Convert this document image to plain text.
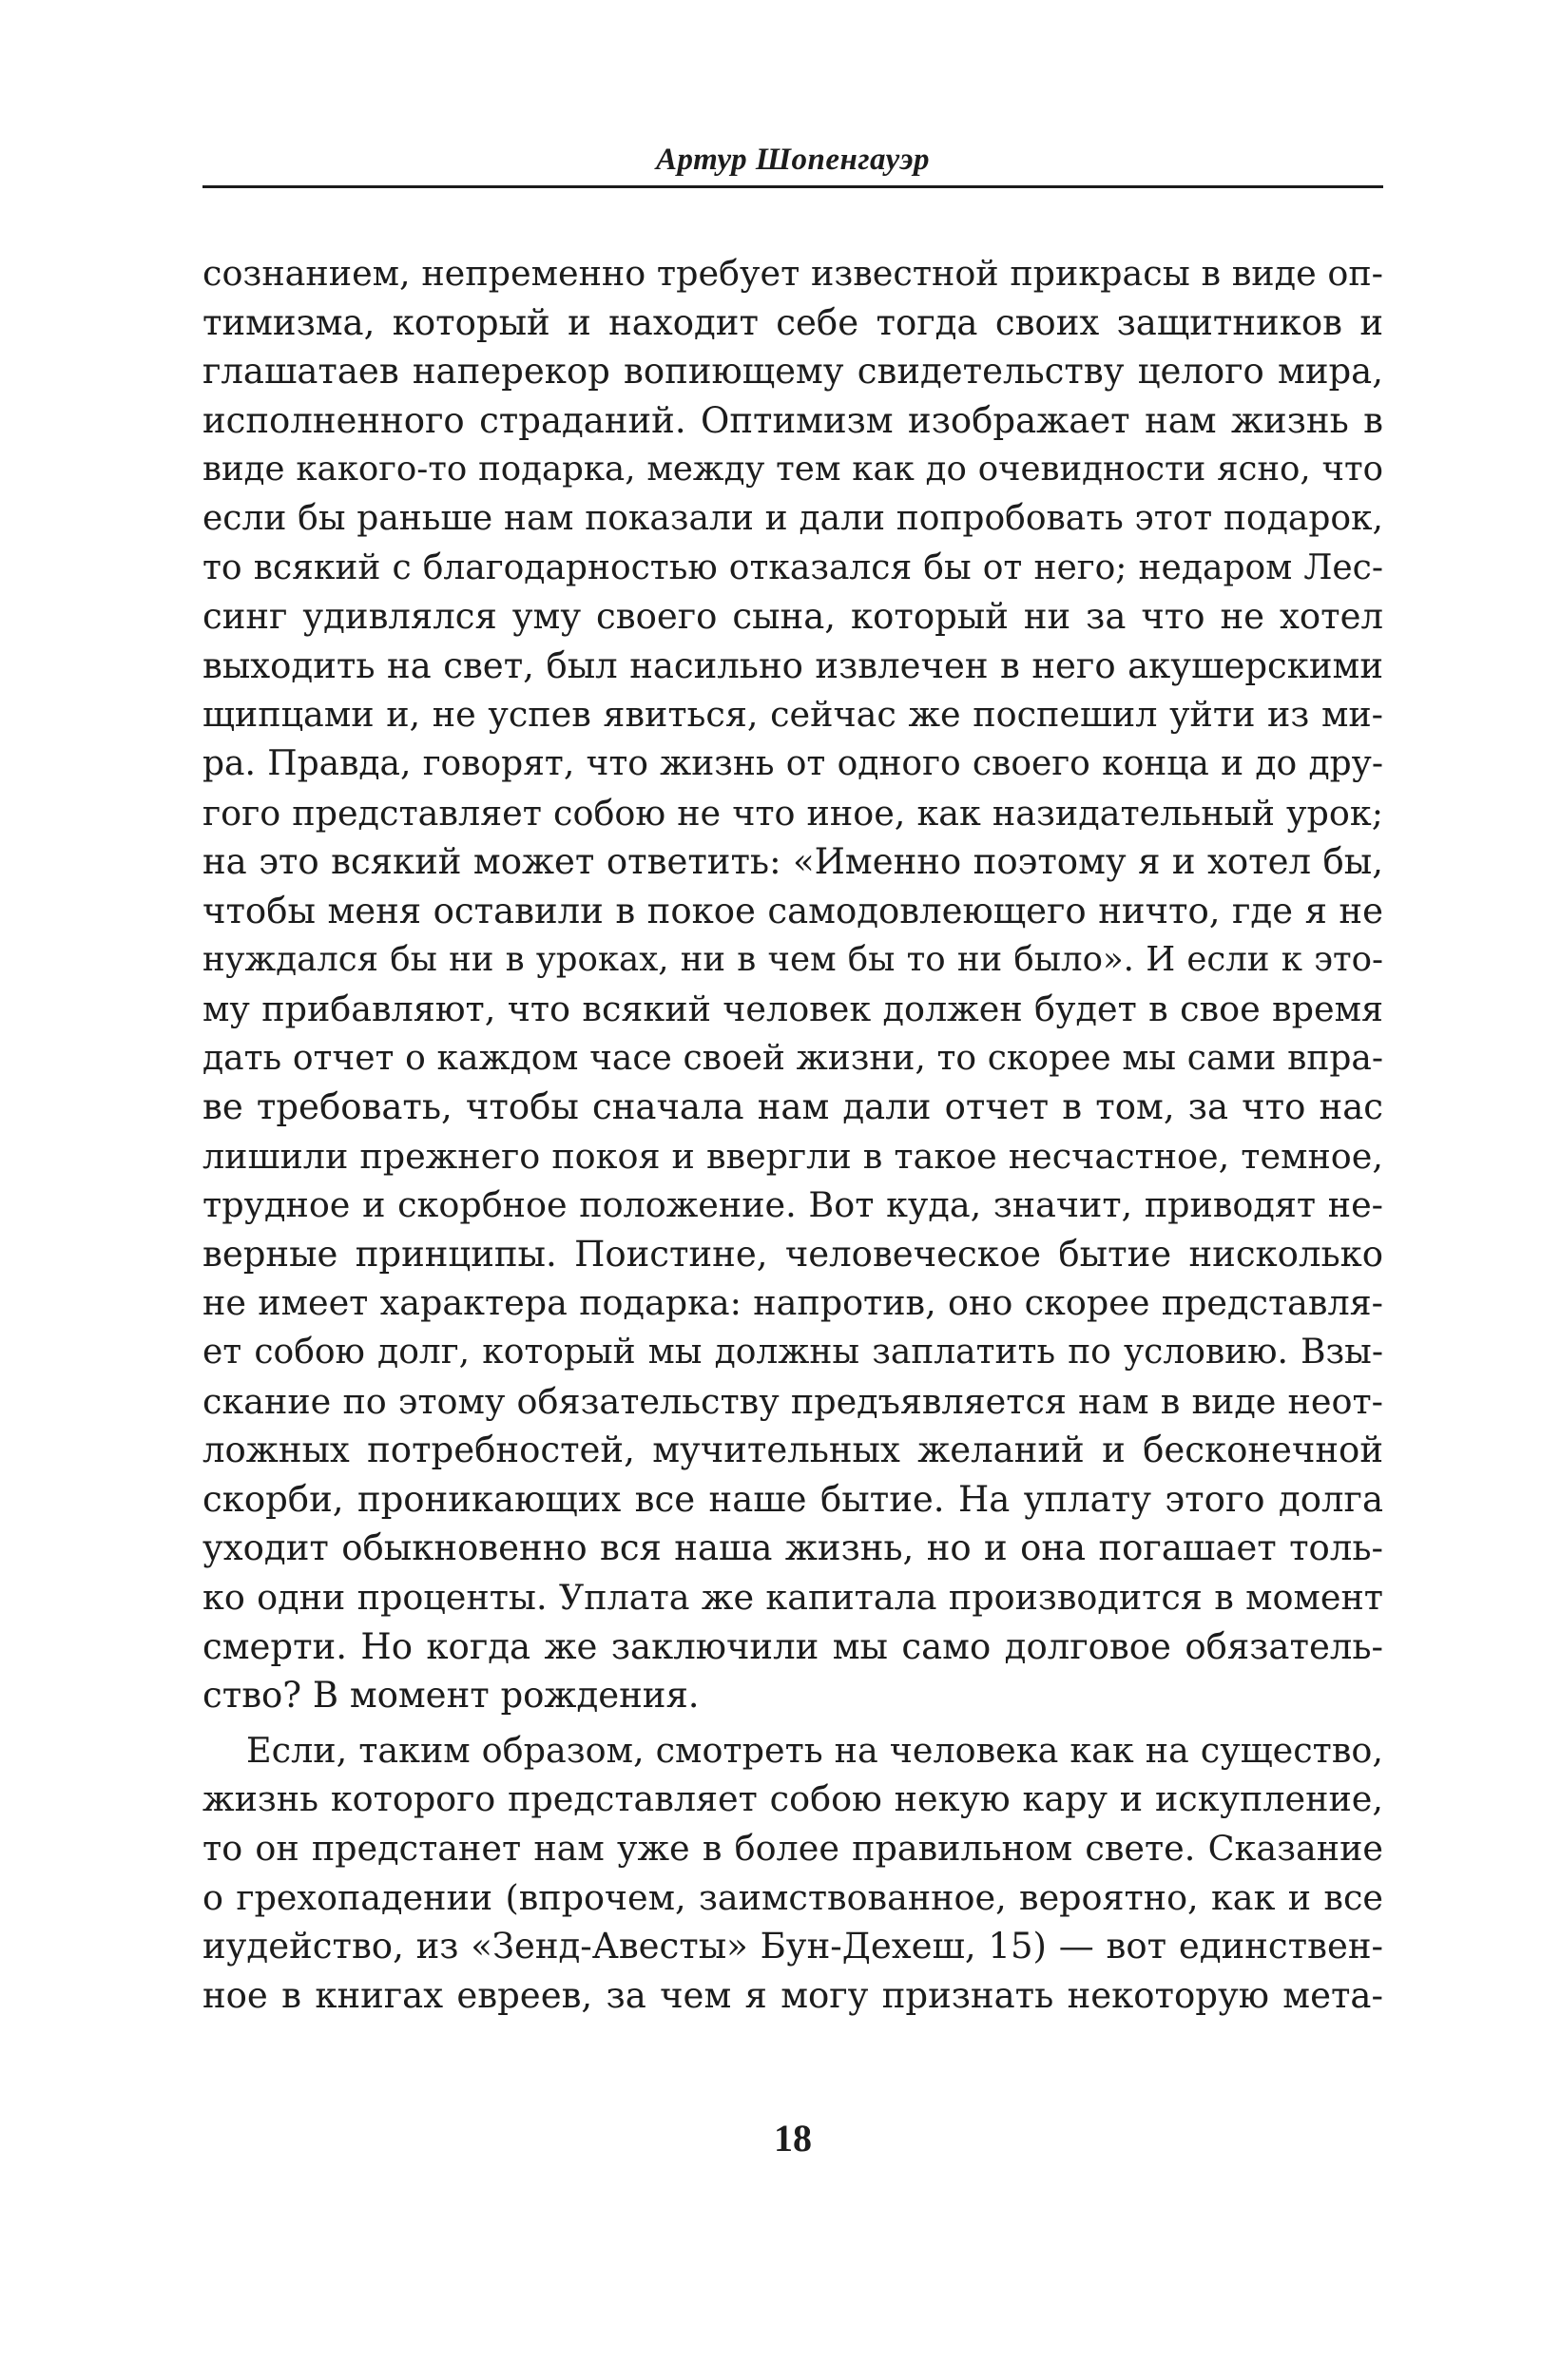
Артур Шопенгауэр
сознанием, непременно требует известной прикрасы в виде оп-
тимизма, который и находит себе тогда своих защитников и
глашатаев наперекор вопиющему свидетельству целого мира,
исполненного страданий. Оптимизм изображает нам жизнь в
виде какого-то подарка, между тем как до очевидности ясно, что
если бы раньше нам показали и дали попробовать этот подарок,
то всякий с благодарностью отказался бы от него; недаром Лес-
синг удивлялся уму своего сына, который ни за что не хотел
выходить на свет, был насильно извлечен в него акушерскими
щипцами и, не успев явиться, сейчас же поспешил уйти из ми-
ра. Правда, говорят, что жизнь от одного своего конца и до дру-
гого представляет собою не что иное, как назидательный урок;
на это всякий может ответить: «Именно поэтому я и хотел бы,
чтобы меня оставили в покое самодовлеющего ничто, где я не
нуждался бы ни в уроках, ни в чем бы то ни было». И если к это-
му прибавляют, что всякий человек должен будет в свое время
дать отчет о каждом часе своей жизни, то скорее мы сами впра-
ве требовать, чтобы сначала нам дали отчет в том, за что нас
лишили прежнего покоя и ввергли в такое несчастное, темное,
трудное и скорбное положение. Вот куда, значит, приводят не-
верные принципы. Поистине, человеческое бытие нисколько
не имеет характера подарка: напротив, оно скорее представля-
ет собою долг, который мы должны заплатить по условию. Взы-
скание по этому обязательству предъявляется нам в виде неот-
ложных потребностей, мучительных желаний и бесконечной
скорби, проникающих все наше бытие. На уплату этого долга
уходит обыкновенно вся наша жизнь, но и она погашает толь-
ко одни проценты. Уплата же капитала производится в момент
смерти. Но когда же заключили мы само долговое обязатель-
ство? В момент рождения.
Если, таким образом, смотреть на человека как на существо,
жизнь которого представляет собою некую кару и искупление,
то он предстанет нам уже в более правильном свете. Сказание
о грехопадении (впрочем, заимствованное, вероятно, как и все
иудейство, из «Зенд-Авесты» Бун-Дехеш, 15) — вот единствен-
ное в книгах евреев, за чем я могу признать некоторую мета-
18
